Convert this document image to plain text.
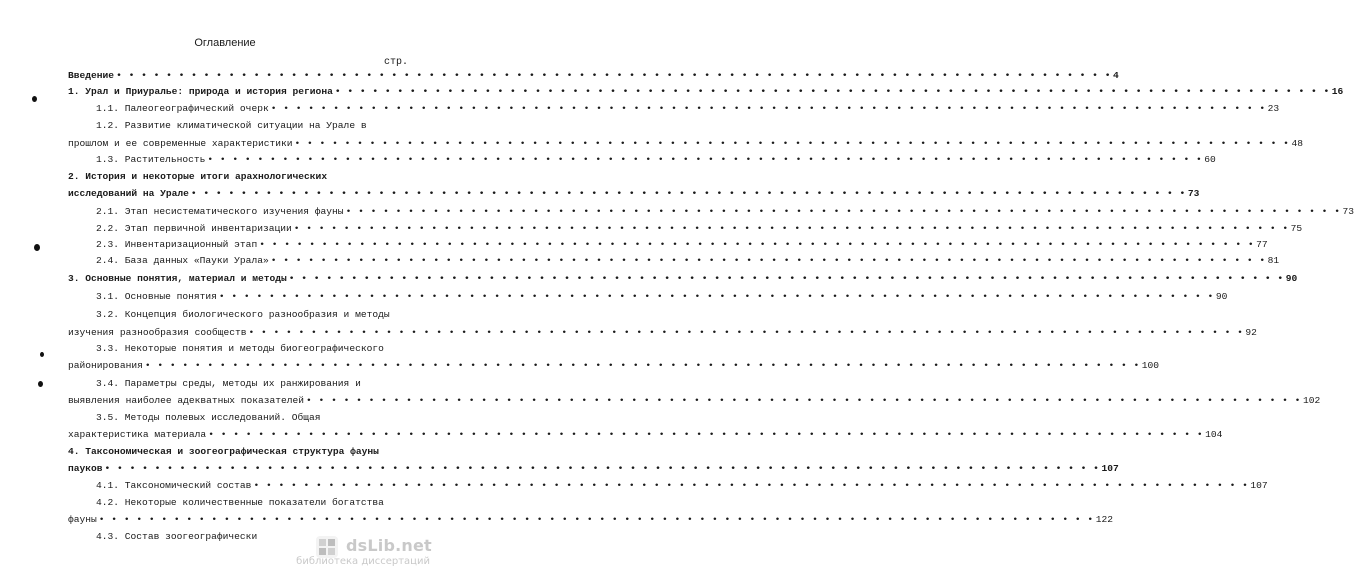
Оглавление
стр.
Введение • • • • • • • • • • • • • • • • • • • • • • • • • • • • • • • • • • • • • • • • • • • • • • • • • • • • • • • • • • • • • • • • • • • • • • • • • • • • • • • • 4
1. Урал и Приуралье: природа и история региона • • • • • • • • • • • • • • • • • • • • • • • • • • • • • • • • • • • • • • • • • • • • • • • • • • • • • • • • • • • • • • • • • • • • • • • • • • • • • • • • 16
1.1. Палеогеографический очерк • • • • • • • • • • • • • • • • • • • • • • • • • • • • • • • • • • • • • • • • • • • • • • • • • • • • • • • • • • • • • • • • • • • • • • • • • • • • • • • • 23
1.2. Развитие климатической ситуации на Урале в
прошлом и ее современные характеристики • • • • • • • • • • • • • • • • • • • • • • • • • • • • • • • • • • • • • • • • • • • • • • • • • • • • • • • • • • • • • • • • • • • • • • • • • • • • • • • • 48
1.3. Растительность • • • • • • • • • • • • • • • • • • • • • • • • • • • • • • • • • • • • • • • • • • • • • • • • • • • • • • • • • • • • • • • • • • • • • • • • • • • • • • • • 60
2. История и некоторые итоги арахнологических
исследований на Урале • • • • • • • • • • • • • • • • • • • • • • • • • • • • • • • • • • • • • • • • • • • • • • • • • • • • • • • • • • • • • • • • • • • • • • • • • • • • • • • • 73
2.1. Этап несистематического изучения фауны • • • • • • • • • • • • • • • • • • • • • • • • • • • • • • • • • • • • • • • • • • • • • • • • • • • • • • • • • • • • • • • • • • • • • • • • • • • • • • • • 73
2.2. Этап первичной инвентаризации • • • • • • • • • • • • • • • • • • • • • • • • • • • • • • • • • • • • • • • • • • • • • • • • • • • • • • • • • • • • • • • • • • • • • • • • • • • • • • • • 75
2.3. Инвентаризационный этап • • • • • • • • • • • • • • • • • • • • • • • • • • • • • • • • • • • • • • • • • • • • • • • • • • • • • • • • • • • • • • • • • • • • • • • • • • • • • • • • 77
2.4. База данных «Пауки Урала» • • • • • • • • • • • • • • • • • • • • • • • • • • • • • • • • • • • • • • • • • • • • • • • • • • • • • • • • • • • • • • • • • • • • • • • • • • • • • • • • 81
3. Основные понятия, материал и методы • • • • • • • • • • • • • • • • • • • • • • • • • • • • • • • • • • • • • • • • • • • • • • • • • • • • • • • • • • • • • • • • • • • • • • • • • • • • • • • • 90
3.1. Основные понятия • • • • • • • • • • • • • • • • • • • • • • • • • • • • • • • • • • • • • • • • • • • • • • • • • • • • • • • • • • • • • • • • • • • • • • • • • • • • • • • • 90
3.2. Концепция биологического разнообразия и методы
изучения разнообразия сообществ • • • • • • • • • • • • • • • • • • • • • • • • • • • • • • • • • • • • • • • • • • • • • • • • • • • • • • • • • • • • • • • • • • • • • • • • • • • • • • • • 92
3.3. Некоторые понятия и методы биогеографического
районирования • • • • • • • • • • • • • • • • • • • • • • • • • • • • • • • • • • • • • • • • • • • • • • • • • • • • • • • • • • • • • • • • • • • • • • • • • • • • • • • • 100
3.4. Параметры среды, методы их ранжирования и
выявления наиболее адекватных показателей • • • • • • • • • • • • • • • • • • • • • • • • • • • • • • • • • • • • • • • • • • • • • • • • • • • • • • • • • • • • • • • • • • • • • • • • • • • • • • • • 102
3.5. Методы полевых исследований. Общая
характеристика материала • • • • • • • • • • • • • • • • • • • • • • • • • • • • • • • • • • • • • • • • • • • • • • • • • • • • • • • • • • • • • • • • • • • • • • • • • • • • • • • • 104
4. Таксономическая и зоогеографическая структура фауны
пауков • • • • • • • • • • • • • • • • • • • • • • • • • • • • • • • • • • • • • • • • • • • • • • • • • • • • • • • • • • • • • • • • • • • • • • • • • • • • • • • • 107
4.1. Таксономический состав • • • • • • • • • • • • • • • • • • • • • • • • • • • • • • • • • • • • • • • • • • • • • • • • • • • • • • • • • • • • • • • • • • • • • • • • • • • • • • • • 107
4.2. Некоторые количественные показатели богатства
фауны • • • • • • • • • • • • • • • • • • • • • • • • • • • • • • • • • • • • • • • • • • • • • • • • • • • • • • • • • • • • • • • • • • • • • • • • • • • • • • • • 122
4.3. Состав зоогеографически	dsLib.net
библиотека диссертаций
